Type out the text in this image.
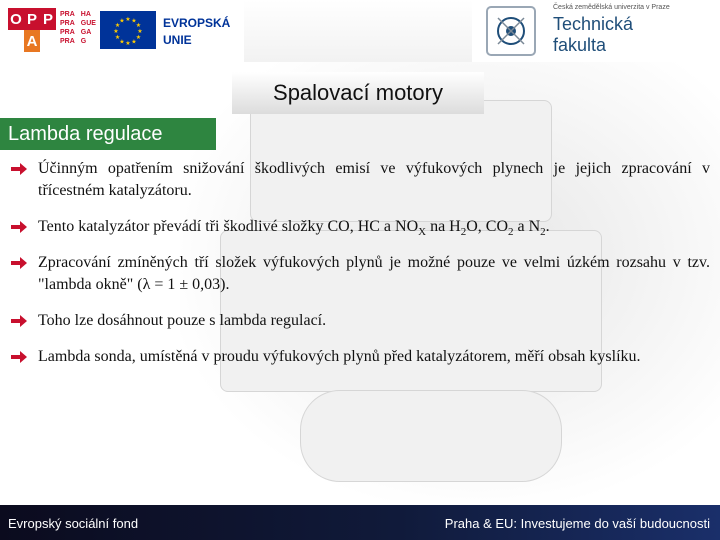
O P P
A
PRA HA
PRA GUE
PRA GA
PRA G
★ ★
★
★
★
★
★
★
★
★
★
★	EVROPSKÁ
UNIE
Česká zemědělská univerzita v Praze
Technická
fakulta
Spalovací motory
Lambda regulace
Účinným opatřením snižování škodlivých emisí ve výfukových plynech je jejich zpracování v třícestném katalyzátoru.
Tento katalyzátor převádí tři škodlivé složky CO, HC a $NO_X$ na $H_2O$, $CO_2$ a $N_2$.
Zpracování zmíněných tří složek výfukových plynů je možné pouze ve velmi úzkém rozsahu v tzv. "lambda okně" (λ = 1 ± 0,03).
Toho lze dosáhnout pouze s lambda regulací.
Lambda sonda, umístěná v proudu výfukových plynů před katalyzátorem, měří obsah kyslíku.
Evropský sociální fond	Praha & EU: Investujeme do vaší budoucnosti
